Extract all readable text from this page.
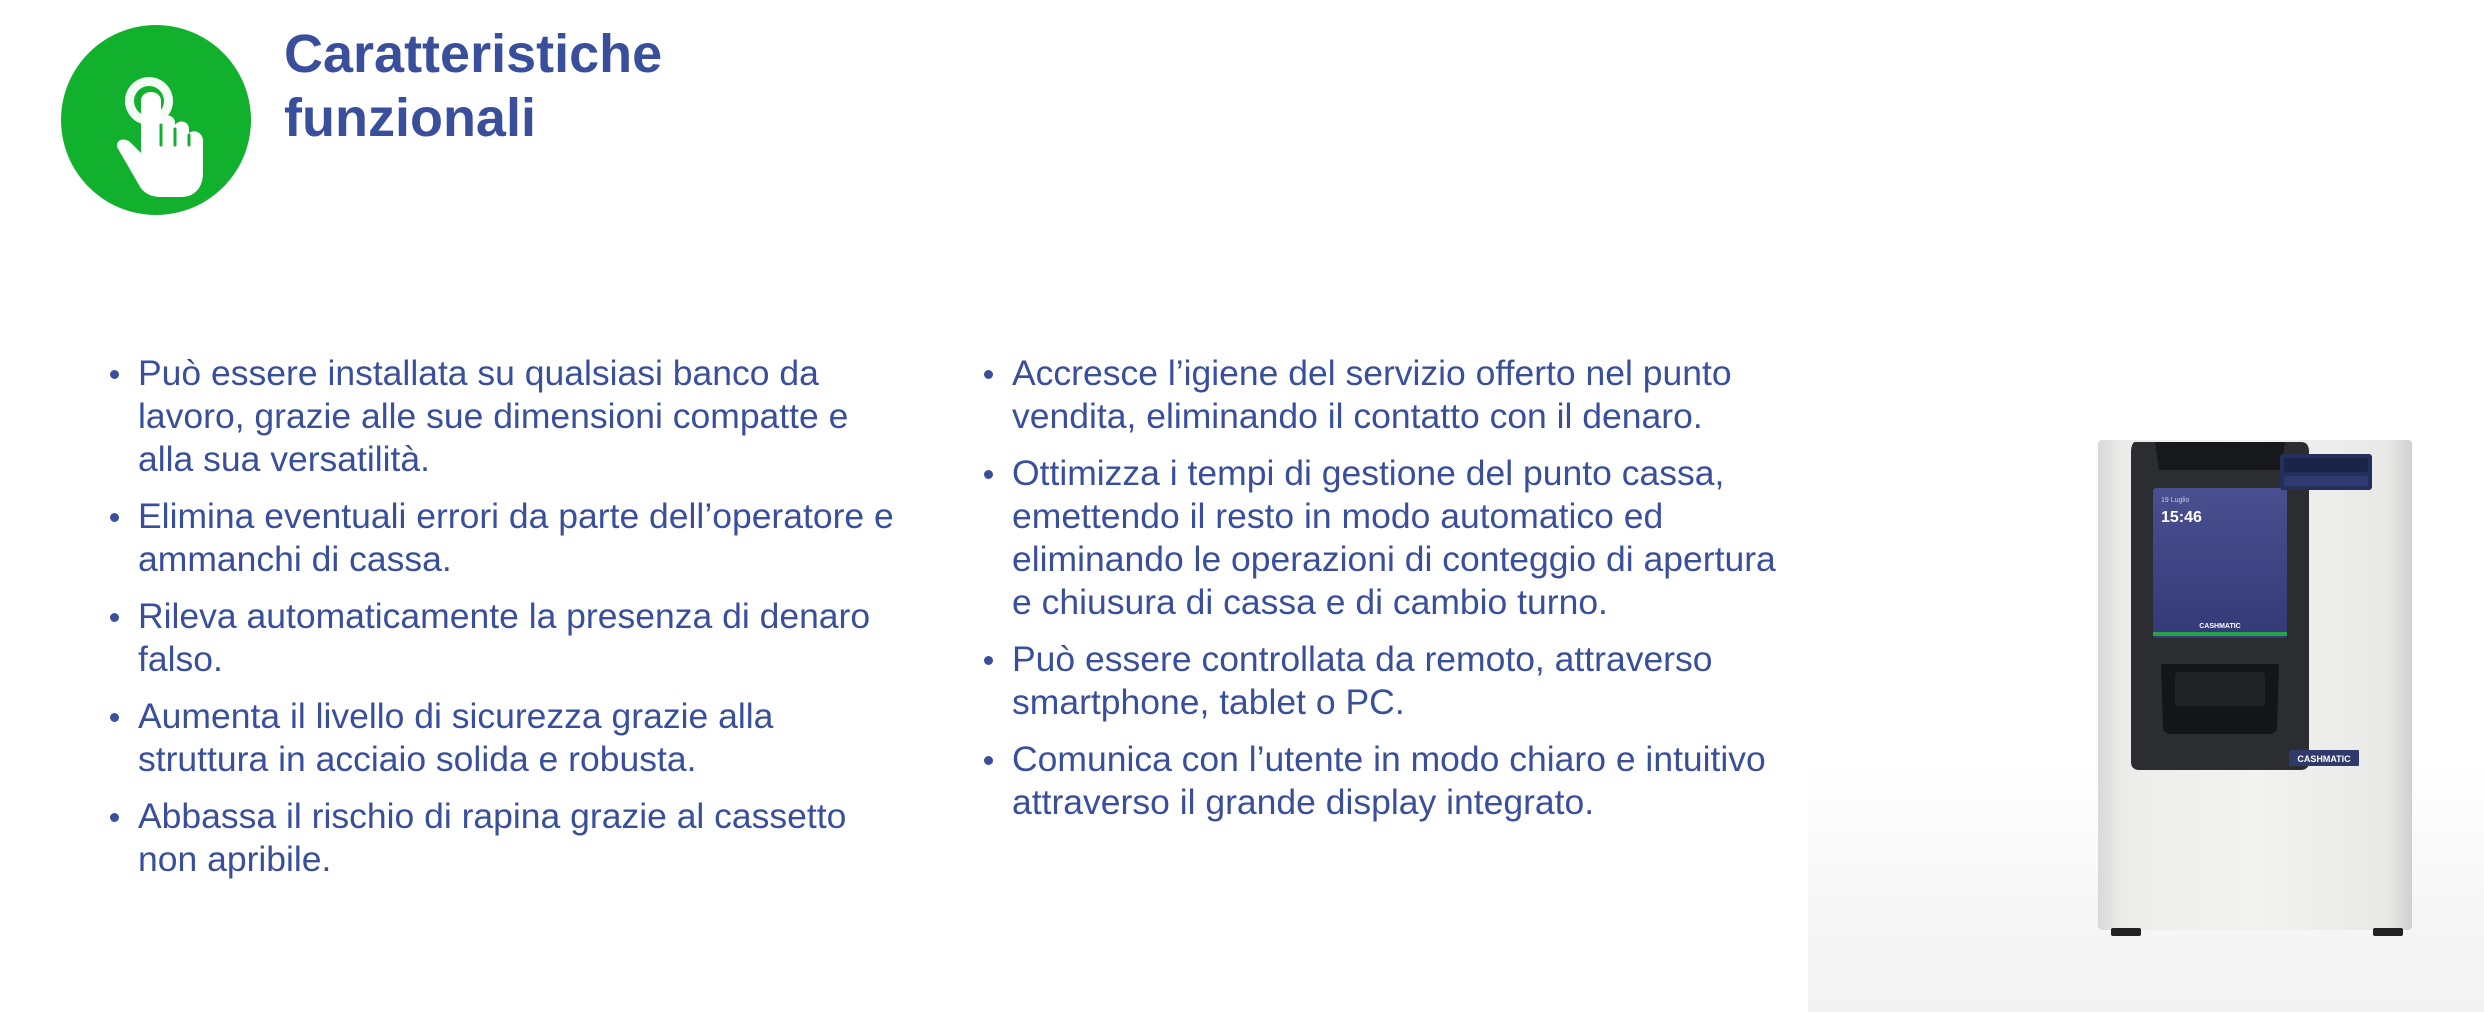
Caratteristiche
funzionali
Può essere installata su qualsiasi banco da lavoro, grazie alle sue dimensioni compatte e alla sua versatilità.
Elimina eventuali errori da parte dell’operatore e ammanchi di cassa.
Rileva automaticamente la presenza di denaro falso.
Aumenta il livello di sicurezza grazie alla struttura in acciaio solida e robusta.
Abbassa il rischio di rapina grazie al cassetto non apribile.
Accresce l’igiene del servizio offerto nel punto vendita, eliminando il contatto con il denaro.
Ottimizza i tempi di gestione del punto cassa, emettendo il resto in modo automatico ed eliminando le operazioni di conteggio di apertura e chiusura di cassa e di cambio turno.
Può essere controllata da remoto, attraverso smartphone, tablet o PC.
Comunica con l’utente in modo chiaro e intuitivo attraverso il grande display integrato.
19 Luglio
15:46
CASHMATIC
CASHMATIC
